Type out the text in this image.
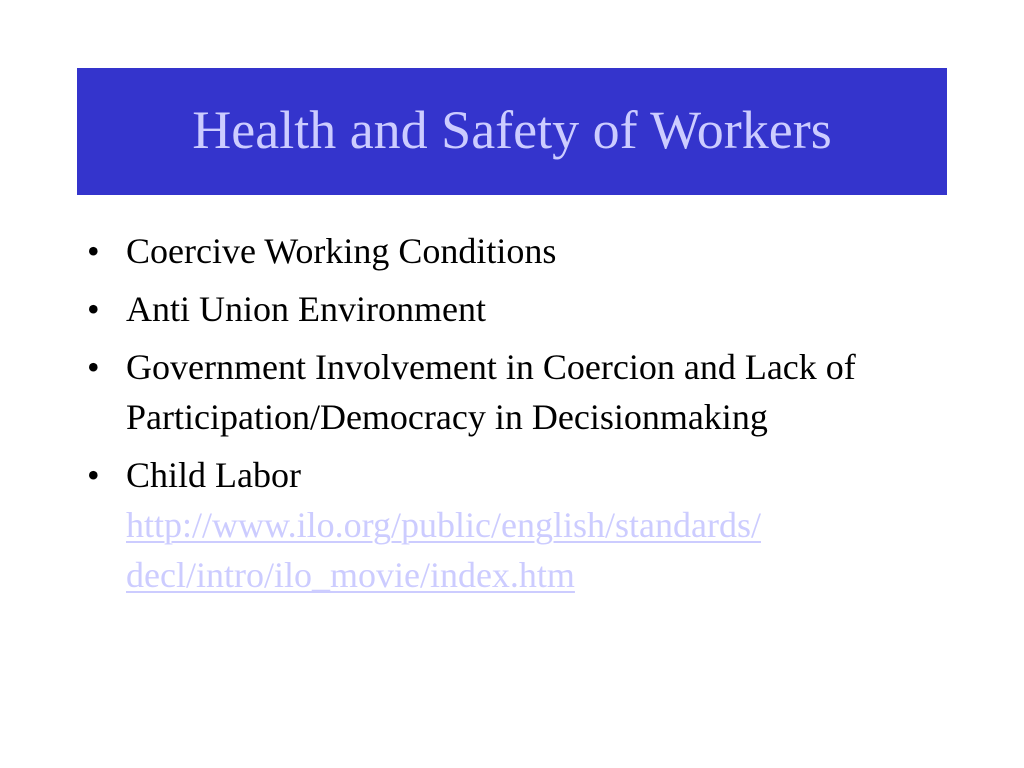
Health and Safety of Workers
• Coercive Working Conditions
• Anti Union Environment
• Government Involvement in Coercion and Lack of Participation/Democracy in Decisionmaking
• Child Labor
http://www.ilo.org/public/english/standards/
decl/intro/ilo_movie/index.htm
